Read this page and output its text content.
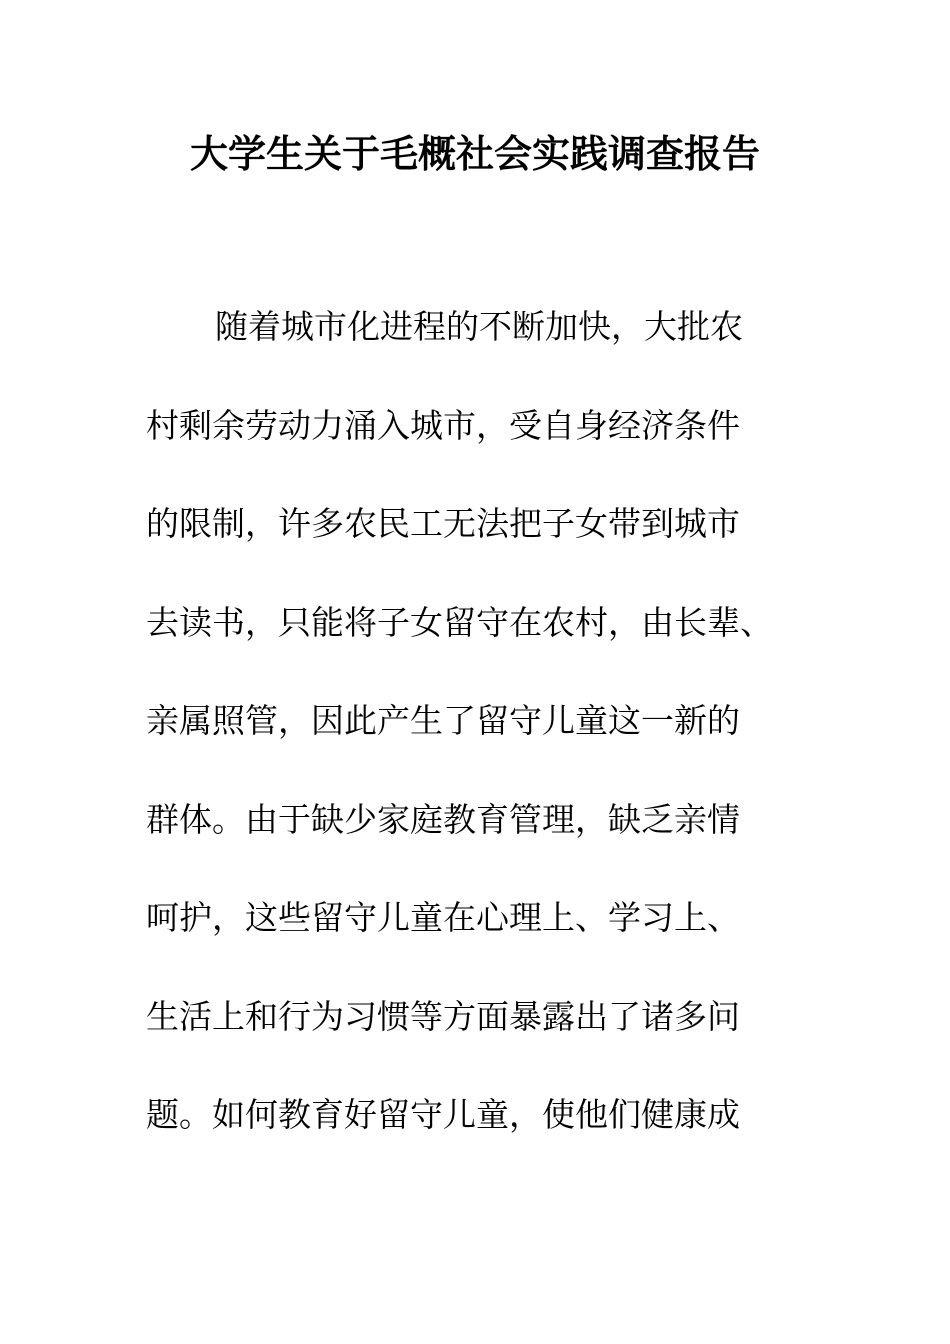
大学生关于毛概社会实践调查报告
随着城市化进程的不断加快，大批农
村剩余劳动力涌入城市，受自身经济条件
的限制，许多农民工无法把子女带到城市
去读书，只能将子女留守在农村，由长辈、
亲属照管，因此产生了留守儿童这一新的
群体。由于缺少家庭教育管理，缺乏亲情
呵护，这些留守儿童在心理上、学习上、
生活上和行为习惯等方面暴露出了诸多问
题。如何教育好留守儿童，使他们健康成
